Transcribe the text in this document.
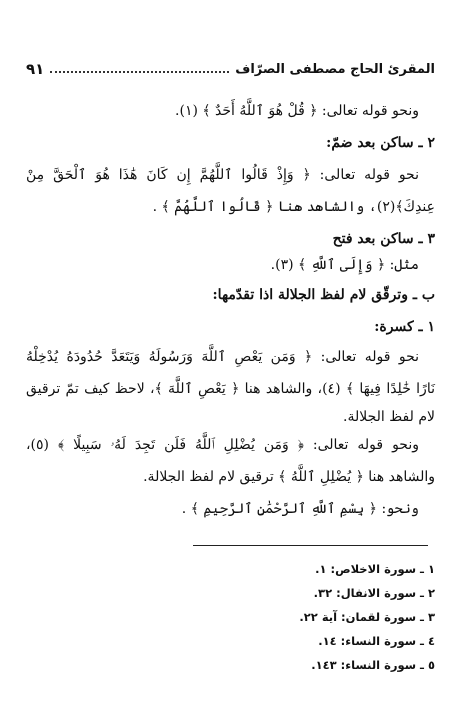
المقرئ الحاج مصطفى الصرّاف
٩١
ونحو قوله تعالى: ﴿ قُلْ هُوَ ٱللَّهُ أَحَدٌ ﴾ (١).
٢ ـ ساكن بعد ضمّ:
نحو قوله تعالى: ﴿ وَإِذْ قَالُوا ٱللَّهُمَّ إِن كَانَ هَٰذَا هُوَ ٱلْحَقَّ مِنْ
عِندِكَ﴾(٢)، والشاهد هنا ﴿ قَالُوا ٱللَّهُمَّ ﴾ .
٣ ـ ساكن بعد فتح
مثل: ﴿ وَإِلَى ٱللَّهِ ﴾ (٣).
ب ـ وترقّق لام لفظ الجلالة اذا تقدّمها:
١ ـ كسرة:
نحو قوله تعالى: ﴿ وَمَن يَعْصِ ٱللَّهَ وَرَسُولَهُ وَيَتَعَدَّ حُدُودَهُ يُدْخِلْهُ
نَارًا خَٰلِدًا فِيهَا ﴾ (٤)، والشاهد هنا ﴿ يَعْصِ ٱللَّهَ ﴾، لاحظ كيف تمّ ترقيق
لام لفظ الجلالة.
ونحو قوله تعالى: ﴿ وَمَن يُضْلِلِ ٱللَّهُ فَلَن تَجِدَ لَهُۥ سَبِيلًا ﴾ (٥)،
والشاهد هنا ﴿ يُضْلِلِ ٱللَّهُ ﴾ ترقيق لام لفظ الجلالة.
ونحو: ﴿ بِسْمِ ٱللَّهِ ٱلرَّحْمَٰنِ ٱلرَّحِيمِ ﴾ .
١ ـ سورة الاخلاص: ١.
٢ ـ سورة الانفال: ٣٢.
٣ ـ سورة لقمان: آية ٢٢.
٤ ـ سورة النساء: ١٤.
٥ ـ سورة النساء: ١٤٣.
